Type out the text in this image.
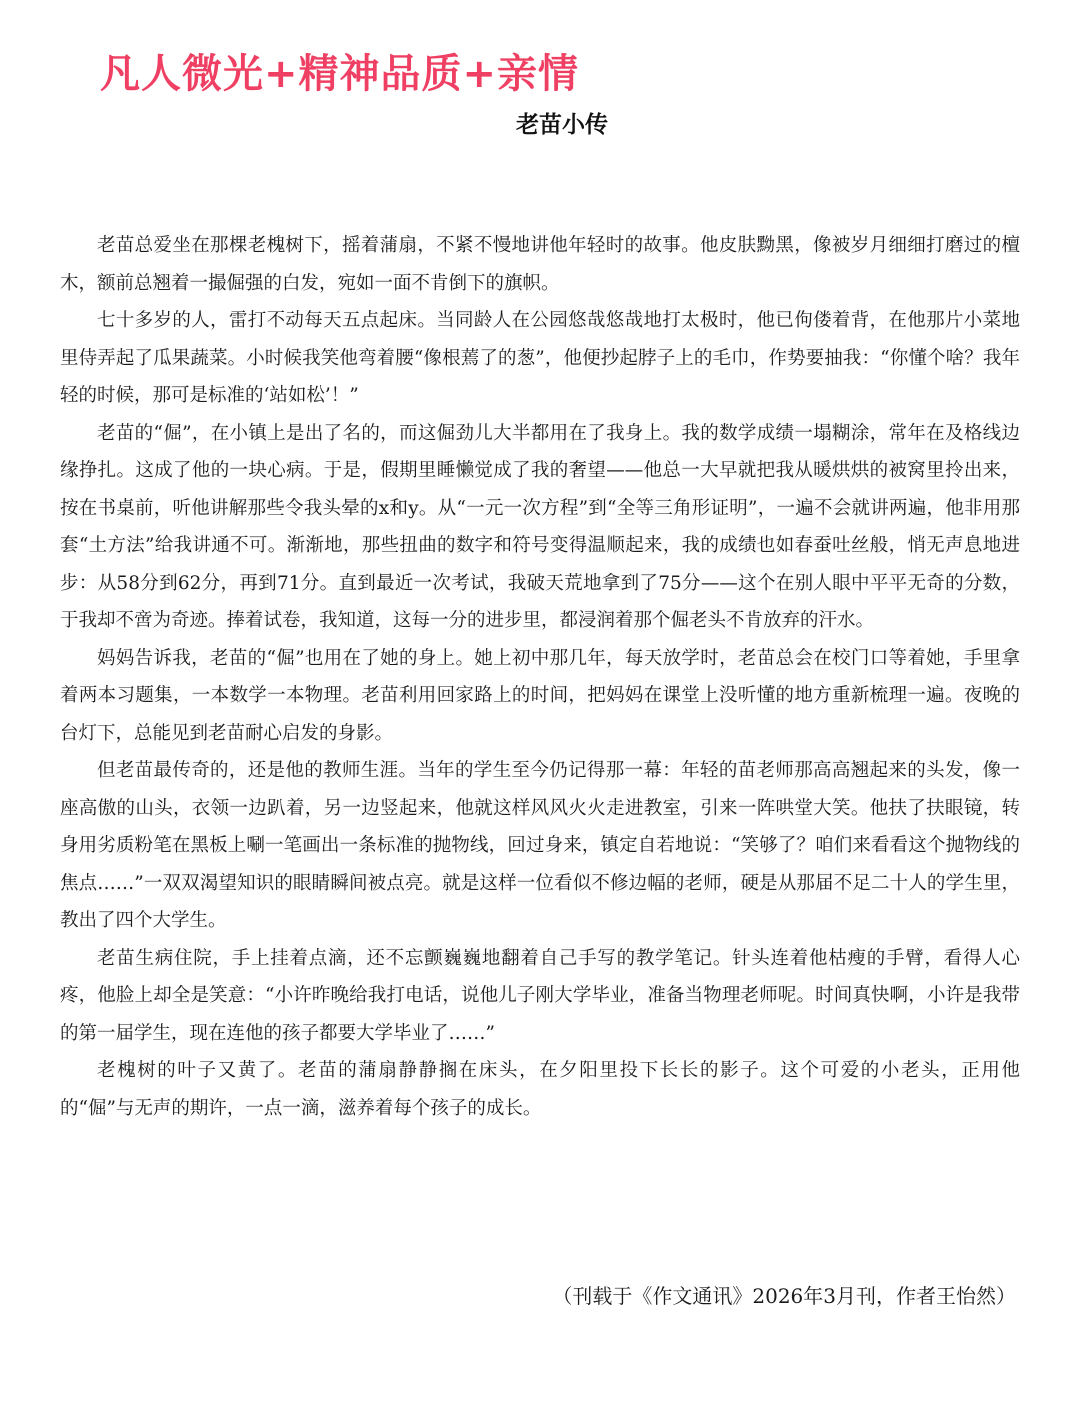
凡人微光+精神品质+亲情
老苗小传

老苗总爱坐在那棵老槐树下，摇着蒲扇，不紧不慢地讲他年轻时的故事。他皮肤黝黑，像被岁月细细打磨过的檀木，额前总翘着一撮倔强的白发，宛如一面不肯倒下的旗帜。

七十多岁的人，雷打不动每天五点起床。当同龄人在公园悠哉悠哉地打太极时，他已佝偻着背，在他那片小菜地里侍弄起了瓜果蔬菜。小时候我笑他弯着腰“像根蔫了的葱”，他便抄起脖子上的毛巾，作势要抽我：“你懂个啥？我年轻的时候，那可是标准的‘站如松’！”

老苗的“倔”，在小镇上是出了名的，而这倔劲儿大半都用在了我身上。我的数学成绩一塌糊涂，常年在及格线边缘挣扎。这成了他的一块心病。于是，假期里睡懒觉成了我的奢望——他总一大早就把我从暖烘烘的被窝里拎出来，按在书桌前，听他讲解那些令我头晕的x和y。从“一元一次方程”到“全等三角形证明”，一遍不会就讲两遍，他非用那套“土方法”给我讲通不可。渐渐地，那些扭曲的数字和符号变得温顺起来，我的成绩也如春蚕吐丝般，悄无声息地进步：从58分到62分，再到71分。直到最近一次考试，我破天荒地拿到了75分——这个在别人眼中平平无奇的分数，于我却不啻为奇迹。捧着试卷，我知道，这每一分的进步里，都浸润着那个倔老头不肯放弃的汗水。

妈妈告诉我，老苗的“倔”也用在了她的身上。她上初中那几年，每天放学时，老苗总会在校门口等着她，手里拿着两本习题集，一本数学一本物理。老苗利用回家路上的时间，把妈妈在课堂上没听懂的地方重新梳理一遍。夜晚的台灯下，总能见到老苗耐心启发的身影。

但老苗最传奇的，还是他的教师生涯。当年的学生至今仍记得那一幕：年轻的苗老师那高高翘起来的头发，像一座高傲的山头，衣领一边趴着，另一边竖起来，他就这样风风火火走进教室，引来一阵哄堂大笑。他扶了扶眼镜，转身用劣质粉笔在黑板上唰一笔画出一条标准的抛物线，回过身来，镇定自若地说：“笑够了？咱们来看看这个抛物线的焦点……”一双双渴望知识的眼睛瞬间被点亮。就是这样一位看似不修边幅的老师，硬是从那届不足二十人的学生里，教出了四个大学生。

老苗生病住院，手上挂着点滴，还不忘颤巍巍地翻着自己手写的教学笔记。针头连着他枯瘦的手臂，看得人心疼，他脸上却全是笑意：“小许昨晚给我打电话，说他儿子刚大学毕业，准备当物理老师呢。时间真快啊，小许是我带的第一届学生，现在连他的孩子都要大学毕业了……”

老槐树的叶子又黄了。老苗的蒲扇静静搁在床头，在夕阳里投下长长的影子。这个可爱的小老头，正用他的“倔”与无声的期许，一点一滴，滋养着每个孩子的成长。

（刊载于《作文通讯》2026年3月刊，作者王怡然）
